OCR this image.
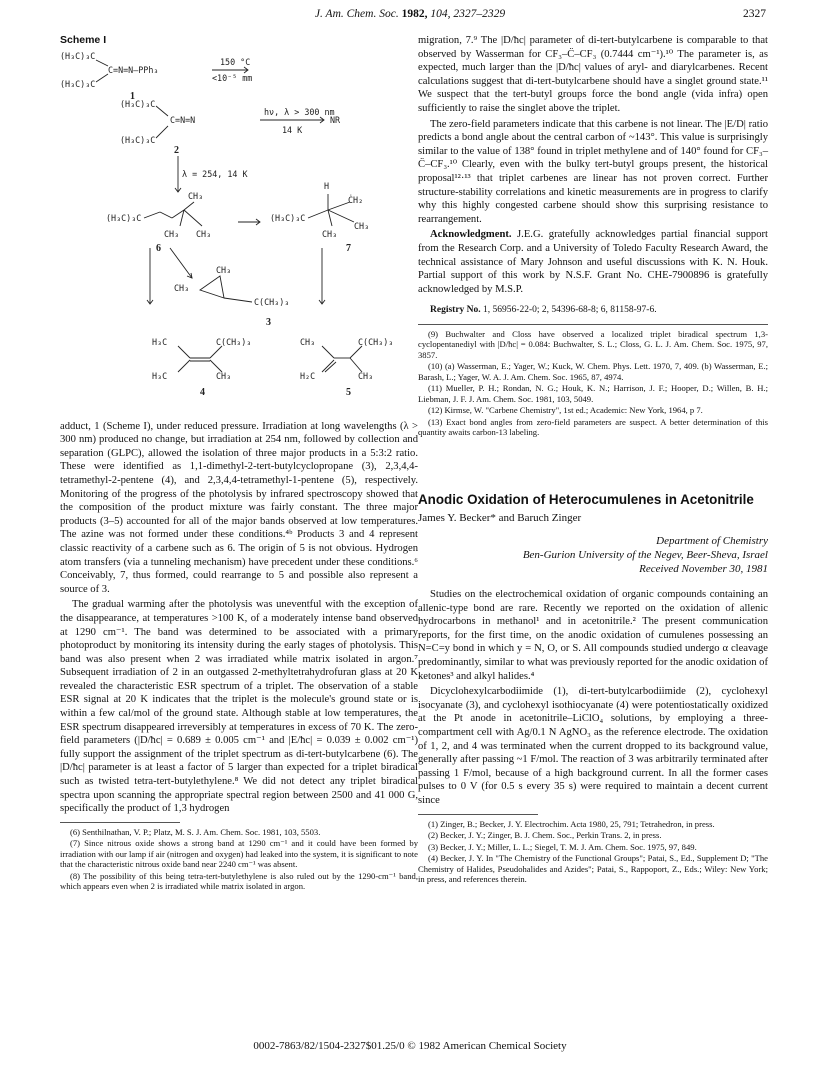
J. Am. Chem. Soc. 1982, 104, 2327–2329	2327
Scheme I
(H₃C)₃C
C=N=N—PPh₃
(H₃C)₃C
150 °C
<10⁻⁵ mm
1
(H₃C)₃C
C=N=N
(H₃C)₃C
hν, λ > 300 nm
14 K
NR
2
λ = 254, 14 K
(H₃C)₃C
CH₃
CH₃ CH₃
6
(H₃C)₃C
H
ĊH₂
CH₃
CH₃
7
CH₃
CH₃
C(CH₃)₃
3
H₃C	C(CH₃)₃
H₃C	CH₃
4
CH₃	C(CH₃)₃
H₂C	CH₃
5

adduct, 1 (Scheme I), under reduced pressure. Irradiation at long wavelengths (λ > 300 nm) produced no change, but irradiation at 254 nm, followed by collection and separation (GLPC), allowed the isolation of three major products in a 5:3:2 ratio. These were identified as 1,1-dimethyl-2-tert-butylcyclopropane (3), 2,3,4,4-tetramethyl-2-pentene (4), and 2,3,4,4-tetramethyl-1-pentene (5), respectively. Monitoring of the progress of the photolysis by infrared spectroscopy showed that the composition of the product mixture was fairly constant. The three major products (3–5) accounted for all of the major bands observed at low temperatures. The azine was not formed under these conditions.⁴ᵇ Products 3 and 4 represent classic reactivity of a carbene such as 6. The origin of 5 is not obvious. Hydrogen atom transfers (via a tunneling mechanism) have precedent under these conditions.⁶ Conceivably, 7, thus formed, could rearrange to 5 and possible also represent a source of 3.

The gradual warming after the photolysis was uneventful with the exception of the disappearance, at temperatures >100 K, of a moderately intense band observed at 1290 cm⁻¹. The band was determined to be associated with a primary photoproduct by monitoring its intensity during the early stages of photolysis. This band was also present when 2 was irradiated while matrix isolated in argon.⁷ Subsequent irradiation of 2 in an outgassed 2-methyltetrahydrofuran glass at 20 K revealed the characteristic ESR spectrum of a triplet. The observation of a stable ESR signal at 20 K indicates that the triplet is the molecule's ground state or is within a few cal/mol of the ground state. Although stable at low temperatures, the ESR spectrum disappeared irreversibly at temperatures in excess of 70 K. The zero-field parameters (|D/ħc| = 0.689 ± 0.005 cm⁻¹ and |E/ħc| = 0.039 ± 0.002 cm⁻¹) fully support the assignment of the triplet spectrum as di-tert-butylcarbene (6). The |D/ħc| parameter is at least a factor of 5 larger than expected for a triplet biradical such as twisted tetra-tert-butylethylene.⁸ We did not detect any triplet biradical spectra upon scanning the appropriate spectral region between 2500 and 41 000 G, specifically the product of 1,3 hydrogen

(6) Senthilnathan, V. P.; Platz, M. S. J. Am. Chem. Soc. 1981, 103, 5503.
(7) Since nitrous oxide shows a strong band at 1290 cm⁻¹ and it could have been formed by irradiation with our lamp if air (nitrogen and oxygen) had leaked into the system, it is significant to note that the characteristic nitrous oxide band near 2240 cm⁻¹ was absent.
(8) The possibility of this being tetra-tert-butylethylene is also ruled out by the 1290-cm⁻¹ band, which appears even when 2 is irradiated while matrix isolated in argon.

migration, 7.⁹ The |D/ħc| parameter of di-tert-butylcarbene is comparable to that observed by Wasserman for CF₃–C̈–CF₃ (0.7444 cm⁻¹).¹⁰ The parameter is, as expected, much larger than the |D/ħc| values of aryl- and diarylcarbenes. Recent calculations suggest that di-tert-butylcarbene should have a singlet ground state.¹¹ We suspect that the tert-butyl groups force the bond angle (vida infra) open sufficiently to raise the singlet above the triplet.

The zero-field parameters indicate that this carbene is not linear. The |E/D| ratio predicts a bond angle about the central carbon of ~143°. This value is surprisingly similar to the value of 138° found in triplet methylene and of 140° found for CF₃–C̈–CF₃.¹⁰ Clearly, even with the bulky tert-butyl groups present, the historical proposal¹²·¹³ that triplet carbenes are linear has not proven correct. Further structure-stability correlations and kinetic measurements are in progress to clarify why this highly congested carbene should show this surprising resistance to rearrangement.

Acknowledgment. J.E.G. gratefully acknowledges partial financial support from the Research Corp. and a University of Toledo Faculty Research Award, the technical assistance of Mary Johnson and useful discussions with K. N. Houk. Partial support of this work by N.S.F. Grant No. CHE-7900896 is gratefully acknowledged by M.S.P.

Registry No. 1, 56956-22-0; 2, 54396-68-8; 6, 81158-97-6.
(9) Buchwalter and Closs have observed a localized triplet biradical spectrum 1,3-cyclopentanediyl with |D/ħc| = 0.084: Buchwalter, S. L.; Closs, G. L. J. Am. Chem. Soc. 1975, 97, 3857.
(10) (a) Wasserman, E.; Yager, W.; Kuck, W. Chem. Phys. Lett. 1970, 7, 409. (b) Wasserman, E.; Barash, L.; Yager, W. A. J. Am. Chem. Soc. 1965, 87, 4974.
(11) Mueller, P. H.; Rondan, N. G.; Houk, K. N.; Harrison, J. F.; Hooper, D.; Willen, B. H.; Liebman, J. F. J. Am. Chem. Soc. 1981, 103, 5049.
(12) Kirmse, W. "Carbene Chemistry", 1st ed.; Academic: New York, 1964, p 7.
(13) Exact bond angles from zero-field parameters are suspect. A better determination of this quantity awaits carbon-13 labeling.
Anodic Oxidation of Heterocumulenes in Acetonitrile
James Y. Becker* and Baruch Zinger
Department of Chemistry
Ben-Gurion University of the Negev, Beer-Sheva, Israel
Received November 30, 1981

Studies on the electrochemical oxidation of organic compounds containing an allenic-type bond are rare. Recently we reported on the oxidation of allenic hydrocarbons in methanol¹ and in acetonitrile.² The present communication reports, for the first time, on the anodic oxidation of cumulenes possessing an N=C=y bond in which y = N, O, or S. All compounds studied undergo α cleavage predominantly, similar to what was previously reported for the anodic oxidation of ketones³ and alkyl halides.⁴

Dicyclohexylcarbodiimide (1), di-tert-butylcarbodiimide (2), cyclohexyl isocyanate (3), and cyclohexyl isothiocyanate (4) were potentiostatically oxidized at the Pt anode in acetonitrile–LiClO₄ solutions, by employing a three-compartment cell with Ag/0.1 N AgNO₃ as the reference electrode. The oxidation of 1, 2, and 4 was terminated when the current dropped to its background value, generally after passing ~1 F/mol. The reaction of 3 was arbitrarily terminated after passing 1 F/mol, because of a high background current. In all the former cases pulses to 0 V (for 0.5 s every 35 s) were required to maintain a decent current since

(1) Zinger, B.; Becker, J. Y. Electrochim. Acta 1980, 25, 791; Tetrahedron, in press.
(2) Becker, J. Y.; Zinger, B. J. Chem. Soc., Perkin Trans. 2, in press.
(3) Becker, J. Y.; Miller, L. L.; Siegel, T. M. J. Am. Chem. Soc. 1975, 97, 849.
(4) Becker, J. Y. In "The Chemistry of the Functional Groups"; Patai, S., Ed., Supplement D; "The Chemistry of Halides, Pseudohalides and Azides"; Patai, S., Rappoport, Z., Eds.; Wiley: New York; in press, and references therein.
0002-7863/82/1504-2327$01.25/0 © 1982 American Chemical Society
